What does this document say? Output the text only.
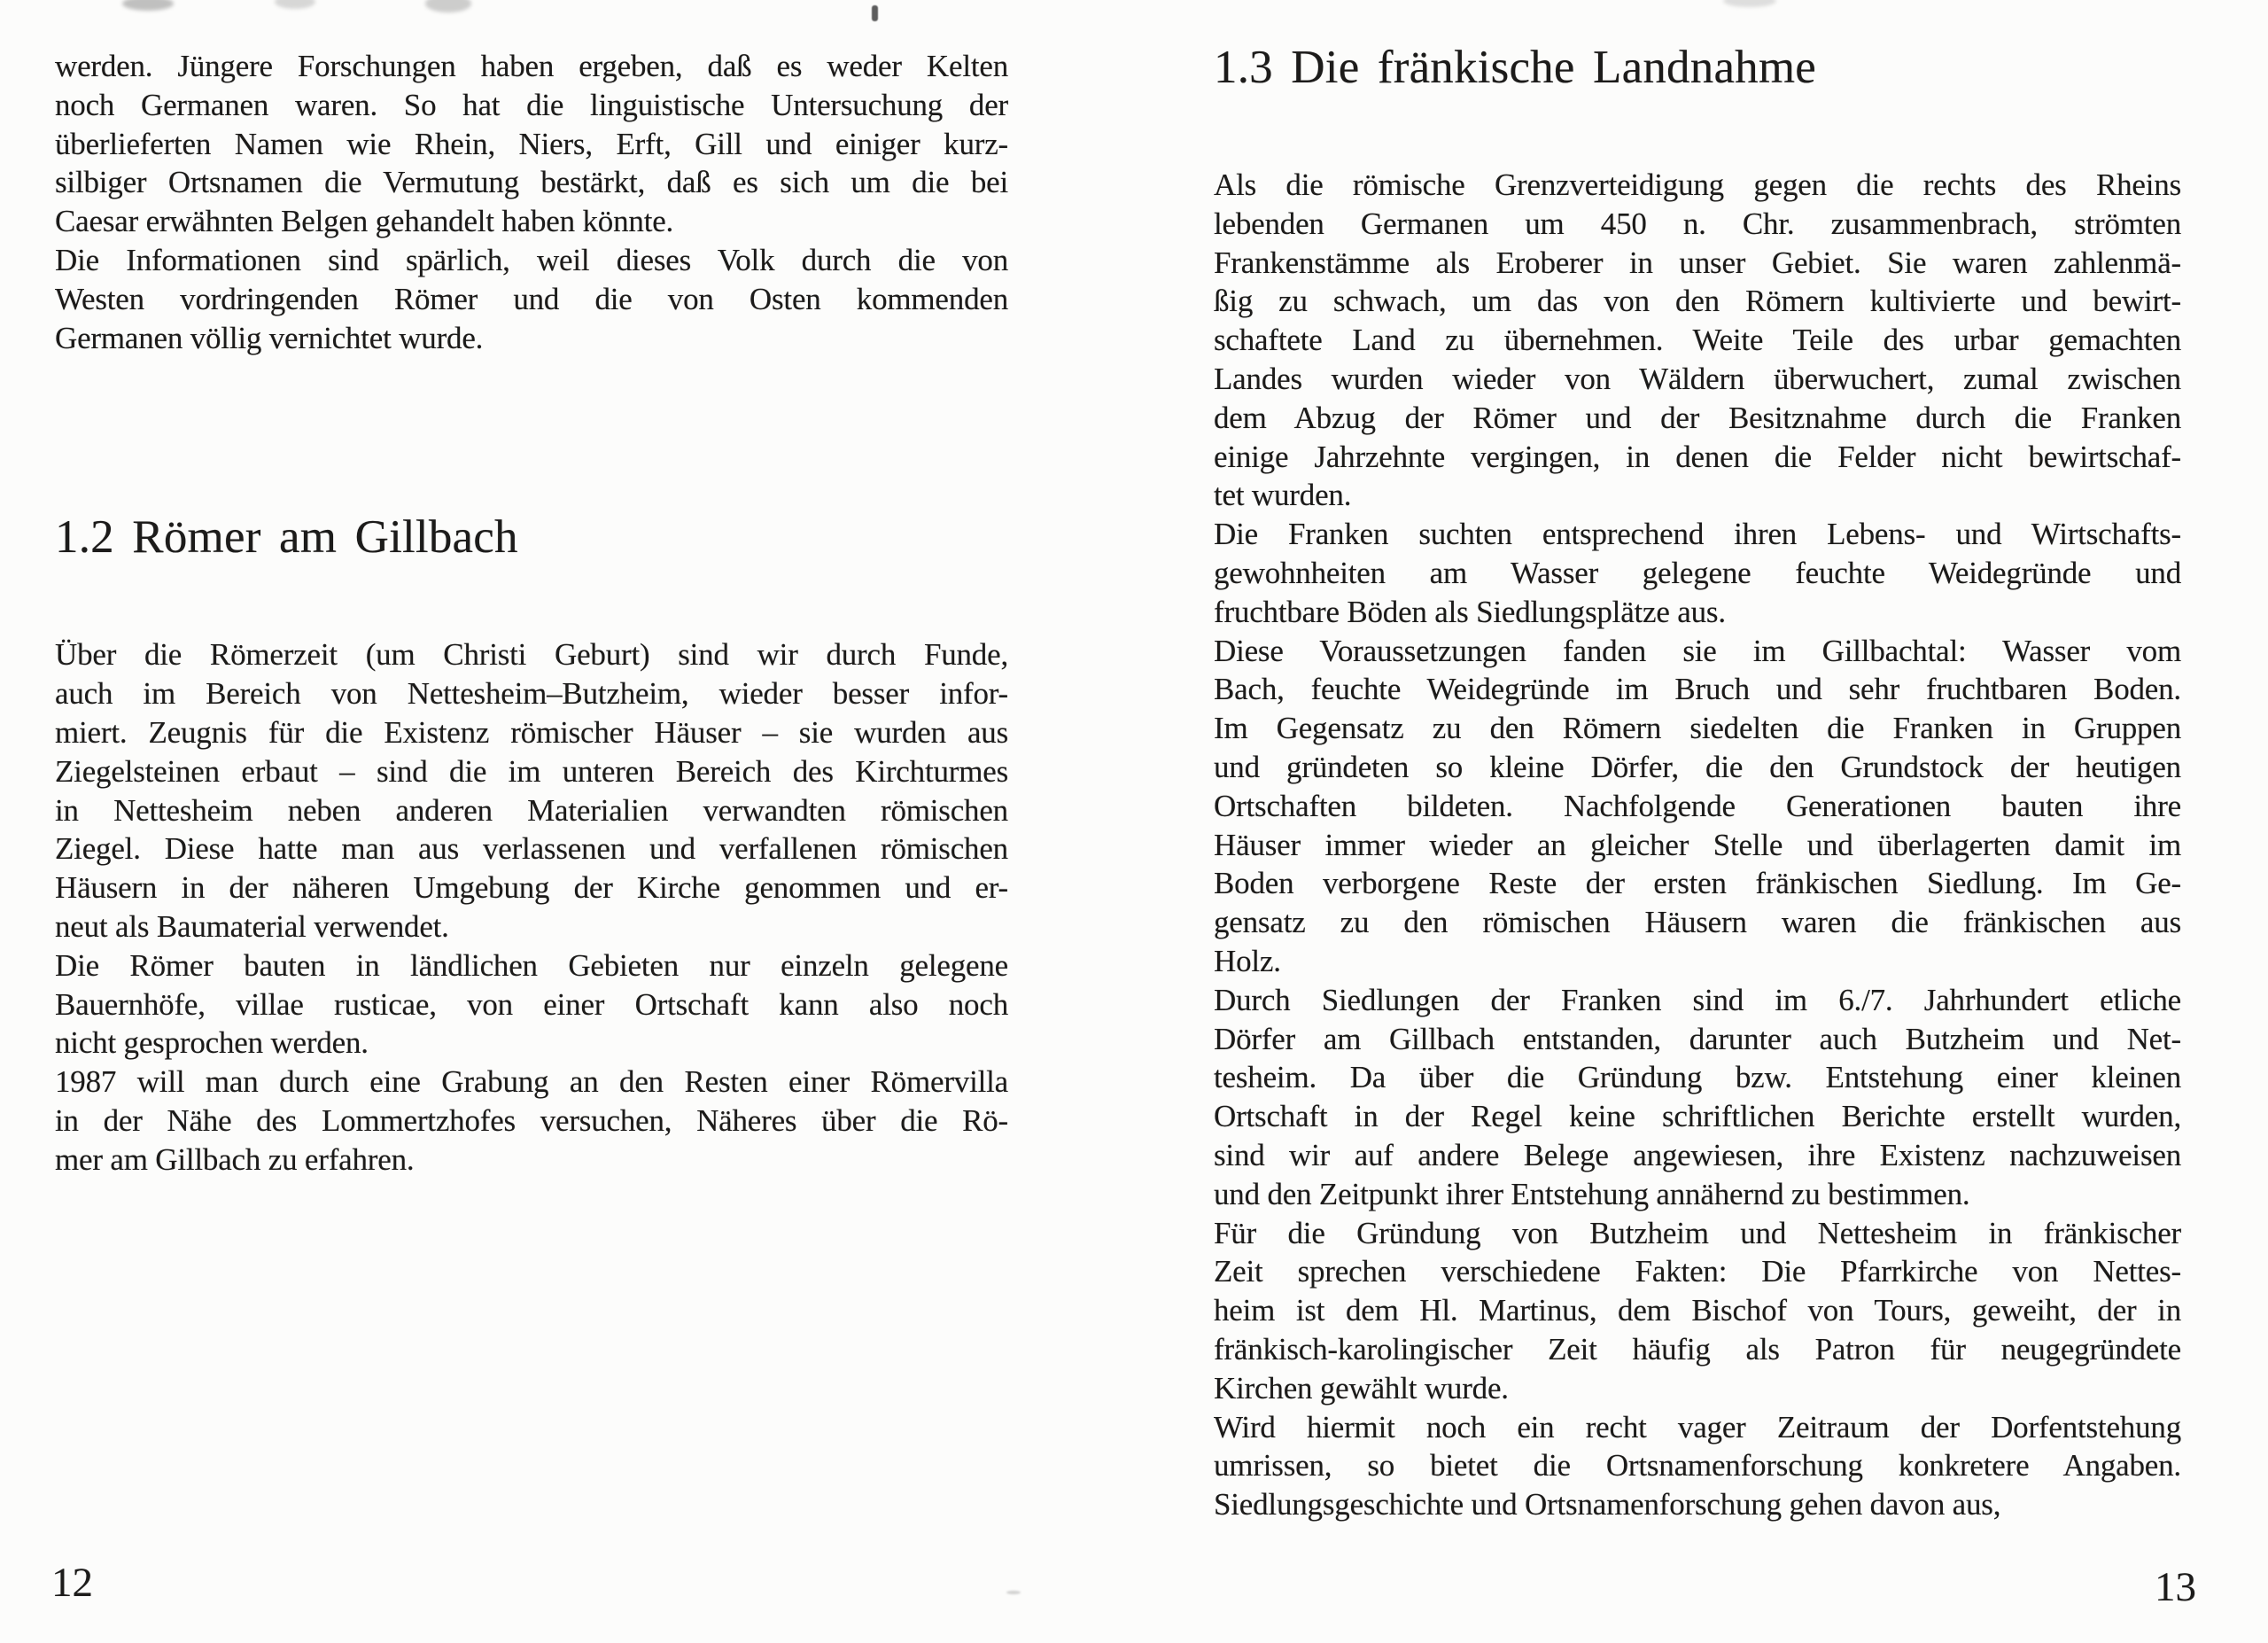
werden. Jüngere Forschungen haben ergeben, daß es weder Kelten
noch Germanen waren. So hat die linguistische Untersuchung der
überlieferten Namen wie Rhein, Niers, Erft, Gill und einiger kurz-
silbiger Ortsnamen die Vermutung bestärkt, daß es sich um die bei
Caesar erwähnten Belgen gehandelt haben könnte.
Die Informationen sind spärlich, weil dieses Volk durch die von
Westen vordringenden Römer und die von Osten kommenden
Germanen völlig vernichtet wurde.
1.2 Römer am Gillbach
Über die Römerzeit (um Christi Geburt) sind wir durch Funde,
auch im Bereich von Nettesheim–Butzheim, wieder besser infor-
miert. Zeugnis für die Existenz römischer Häuser – sie wurden aus
Ziegelsteinen erbaut – sind die im unteren Bereich des Kirchturmes
in Nettesheim neben anderen Materialien verwandten römischen
Ziegel. Diese hatte man aus verlassenen und verfallenen römischen
Häusern in der näheren Umgebung der Kirche genommen und er-
neut als Baumaterial verwendet.
Die Römer bauten in ländlichen Gebieten nur einzeln gelegene
Bauernhöfe, villae rusticae, von einer Ortschaft kann also noch
nicht gesprochen werden.
1987 will man durch eine Grabung an den Resten einer Römervilla
in der Nähe des Lommertzhofes versuchen, Näheres über die Rö-
mer am Gillbach zu erfahren.
1.3 Die fränkische Landnahme
Als die römische Grenzverteidigung gegen die rechts des Rheins
lebenden Germanen um 450 n. Chr. zusammenbrach, strömten
Frankenstämme als Eroberer in unser Gebiet. Sie waren zahlenmä-
ßig zu schwach, um das von den Römern kultivierte und bewirt-
schaftete Land zu übernehmen. Weite Teile des urbar gemachten
Landes wurden wieder von Wäldern überwuchert, zumal zwischen
dem Abzug der Römer und der Besitznahme durch die Franken
einige Jahrzehnte vergingen, in denen die Felder nicht bewirtschaf-
tet wurden.
Die Franken suchten entsprechend ihren Lebens- und Wirtschafts-
gewohnheiten am Wasser gelegene feuchte Weidegründe und
fruchtbare Böden als Siedlungsplätze aus.
Diese Voraussetzungen fanden sie im Gillbachtal: Wasser vom
Bach, feuchte Weidegründe im Bruch und sehr fruchtbaren Boden.
Im Gegensatz zu den Römern siedelten die Franken in Gruppen
und gründeten so kleine Dörfer, die den Grundstock der heutigen
Ortschaften bildeten. Nachfolgende Generationen bauten ihre
Häuser immer wieder an gleicher Stelle und überlagerten damit im
Boden verborgene Reste der ersten fränkischen Siedlung. Im Ge-
gensatz zu den römischen Häusern waren die fränkischen aus
Holz.
Durch Siedlungen der Franken sind im 6./7. Jahrhundert etliche
Dörfer am Gillbach entstanden, darunter auch Butzheim und Net-
tesheim. Da über die Gründung bzw. Entstehung einer kleinen
Ortschaft in der Regel keine schriftlichen Berichte erstellt wurden,
sind wir auf andere Belege angewiesen, ihre Existenz nachzuweisen
und den Zeitpunkt ihrer Entstehung annähernd zu bestimmen.
Für die Gründung von Butzheim und Nettesheim in fränkischer
Zeit sprechen verschiedene Fakten: Die Pfarrkirche von Nettes-
heim ist dem Hl. Martinus, dem Bischof von Tours, geweiht, der in
fränkisch-karolingischer Zeit häufig als Patron für neugegründete
Kirchen gewählt wurde.
Wird hiermit noch ein recht vager Zeitraum der Dorfentstehung
umrissen, so bietet die Ortsnamenforschung konkretere Angaben.
Siedlungsgeschichte und Ortsnamenforschung gehen davon aus,
12	13
